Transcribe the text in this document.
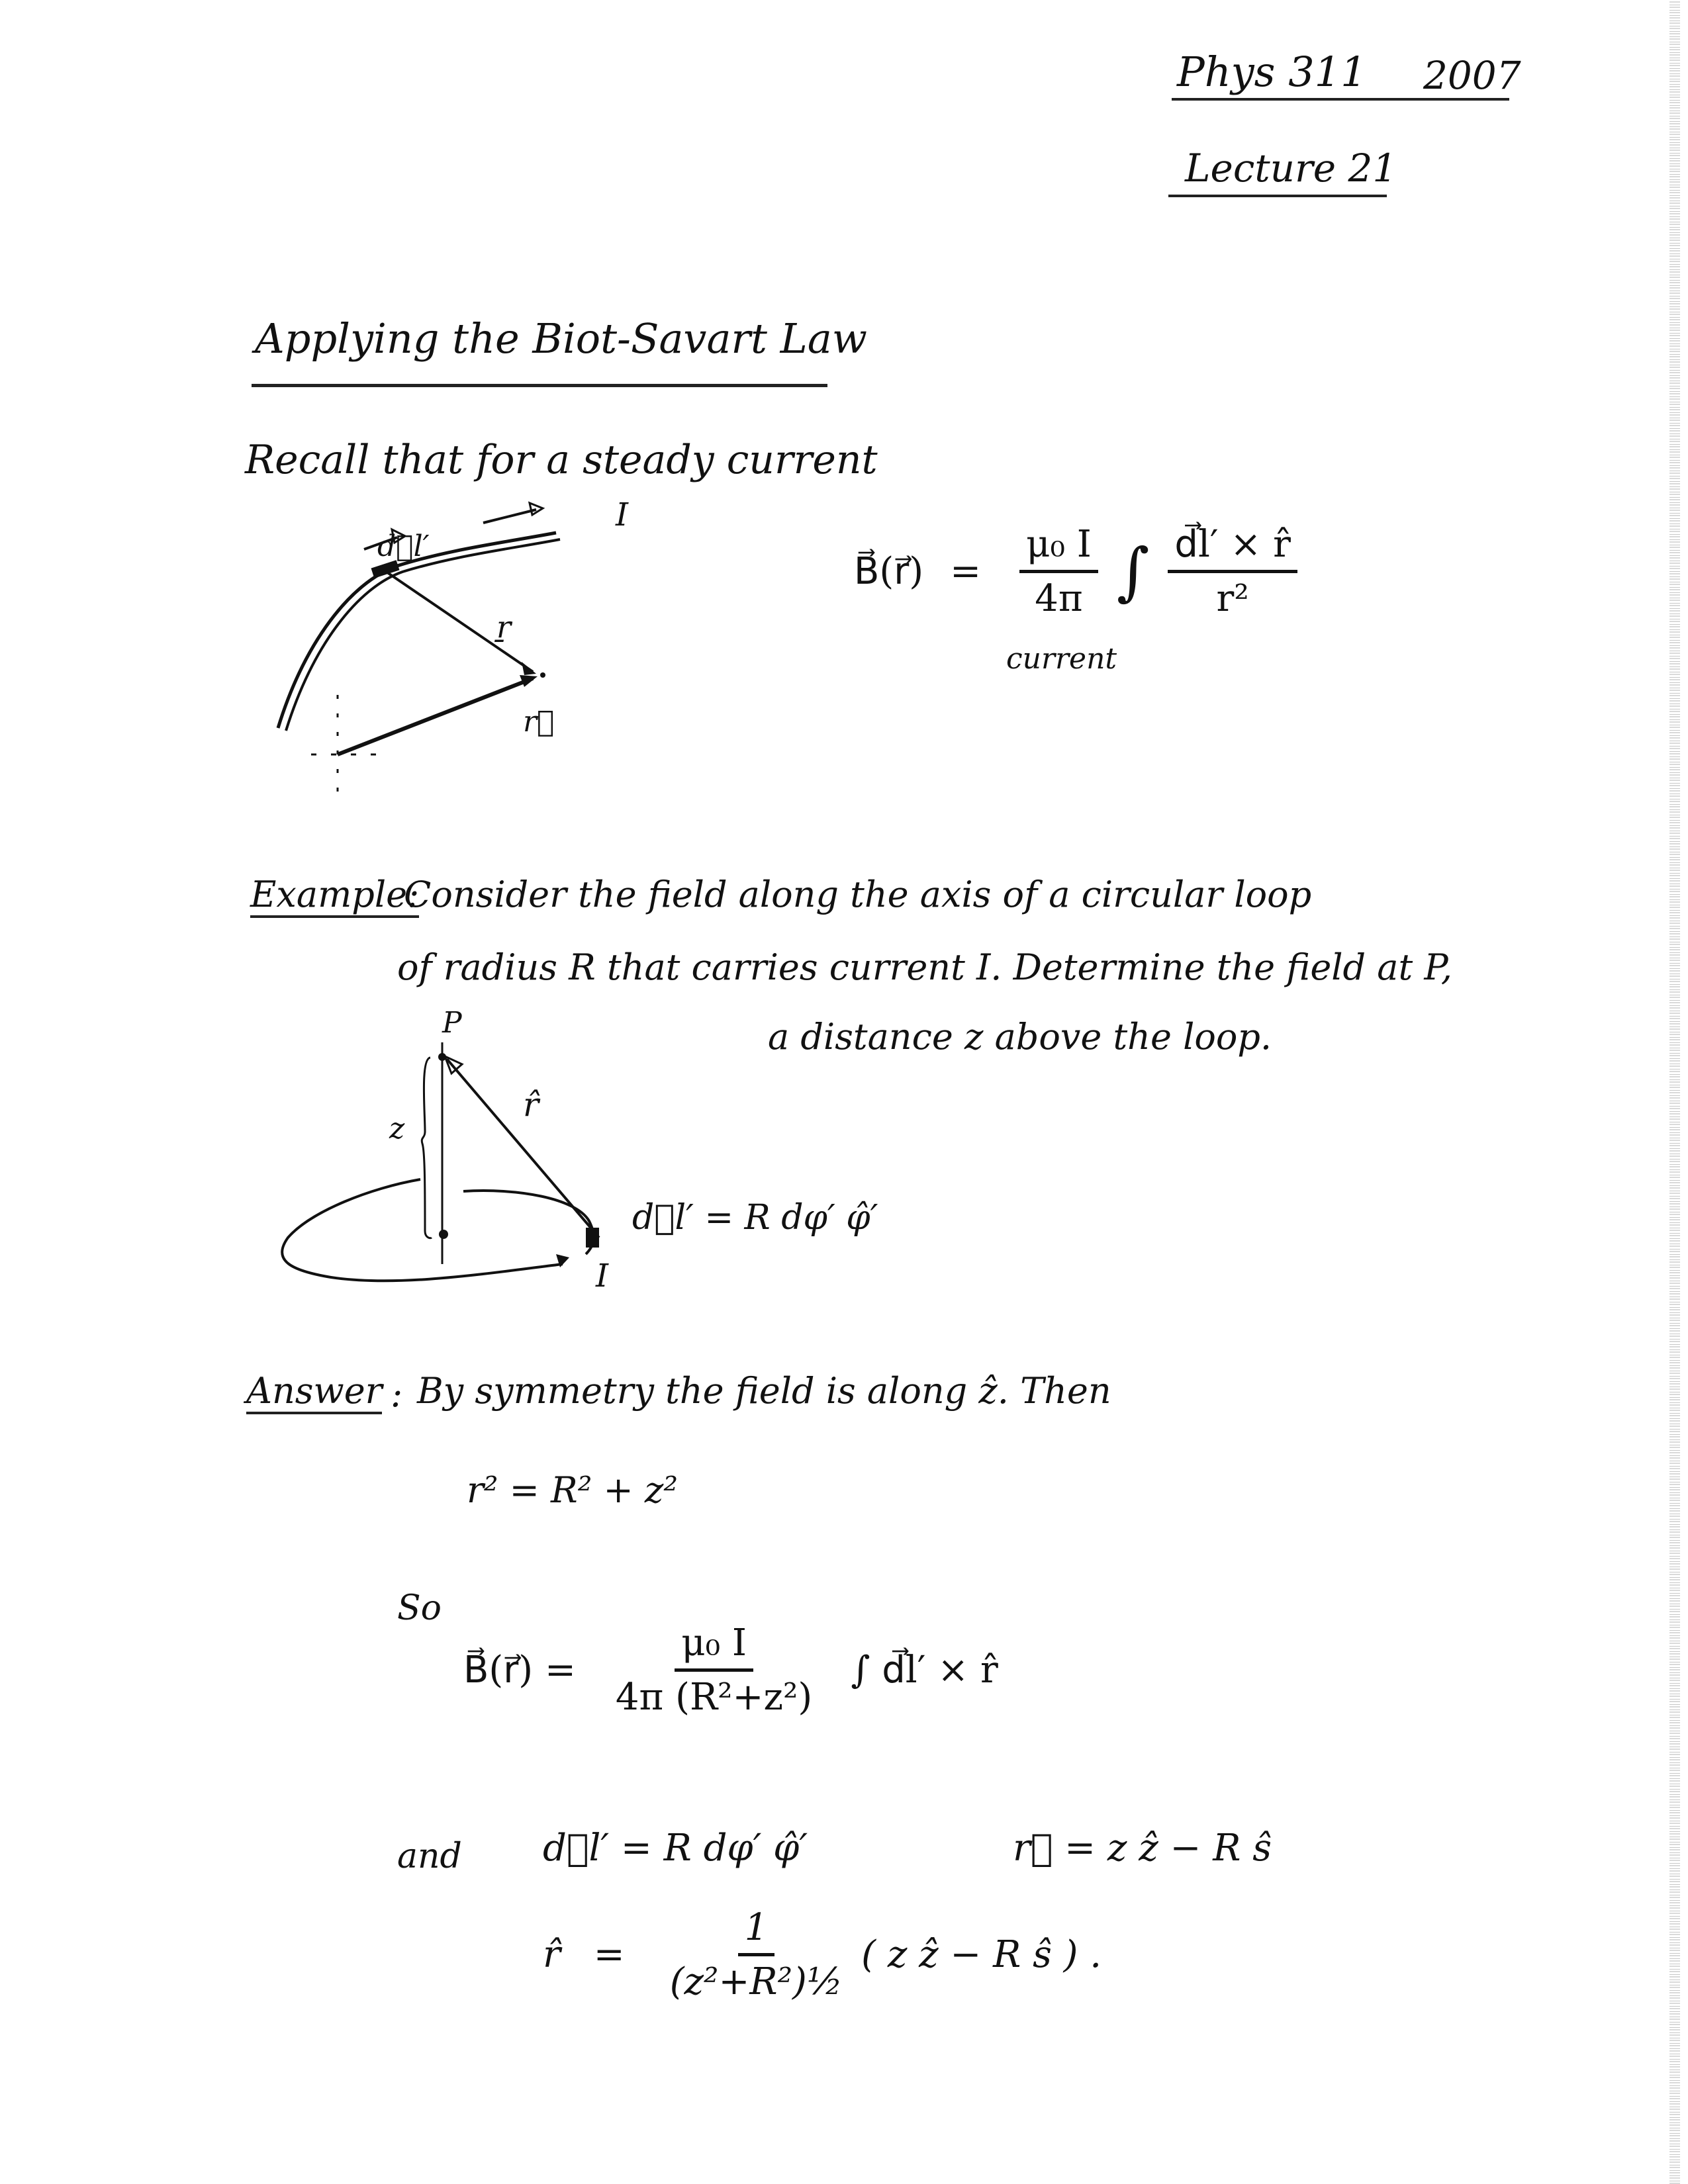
Phys 311 2007
Lecture 21
Applying the Biot-Savart Law
Recall that for a steady current
d⃗l′
I
ṟ
r⃗
B⃗(r⃗) = $\frac{\text{μ₀ I}}{4\pi}$ ∫ $\frac{d⃗l' \times r̂}{\text{r²}}$
current
Example:
Consider the field along the axis of a circular loop
of radius R that carries current I. Determine the field at P,
a distance z above the loop.
P
z
r̂
d⃗l′ = R dφ′ φ̂′
I
Answer : By symmetry the field is along ẑ. Then
r² = R² + z²
So
B⃗(r⃗) = $\frac{\text{μ₀ I}}{\text{4π (R²+z²)}}$ ∫ d⃗l′ × r̂
and d⃗l′ = R dφ′ φ̂′	r⃗ = z ẑ − R ŝ
r̂ = $\frac{1}{\text{(z²+R²)½}}$ ( z ẑ − R ŝ ) .
